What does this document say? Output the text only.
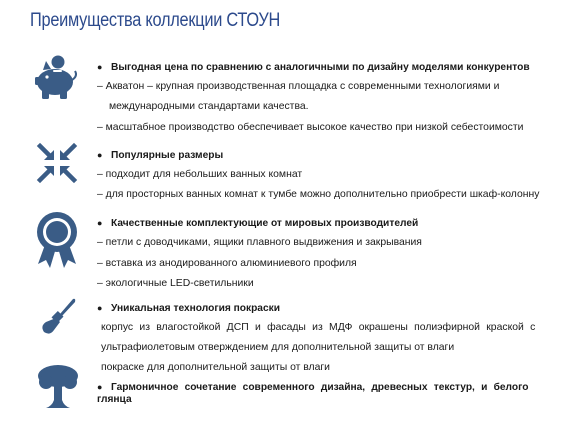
Преимущества коллекции СТОУН
● Выгодная цена по сравнению с аналогичными по дизайну моделями конкурентов
– Акватон – крупная производственная площадка с современными технологиями и
международными стандартами качества.
– масштабное производство обеспечивает высокое качество при низкой себестоимости
● Популярные размеры
– подходит для небольших ванных комнат
– для просторных ванных комнат к тумбе можно дополнительно приобрести шкаф-колонну
● Качественные комплектующие от мировых производителей
– петли с доводчиками, ящики плавного выдвижения и закрывания
– вставка из анодированного алюминиевого профиля
– экологичные LED-светильники
● Уникальная технология покраски
корпус из влагостойкой ДСП и фасады из МДФ окрашены полиэфирной краской с
ультрафиолетовым отверждением для дополнительной защиты от влаги
покраске для дополнительной защиты от влаги
● Гармоничное сочетание современного дизайна, древесных текстур, и белого
глянца
